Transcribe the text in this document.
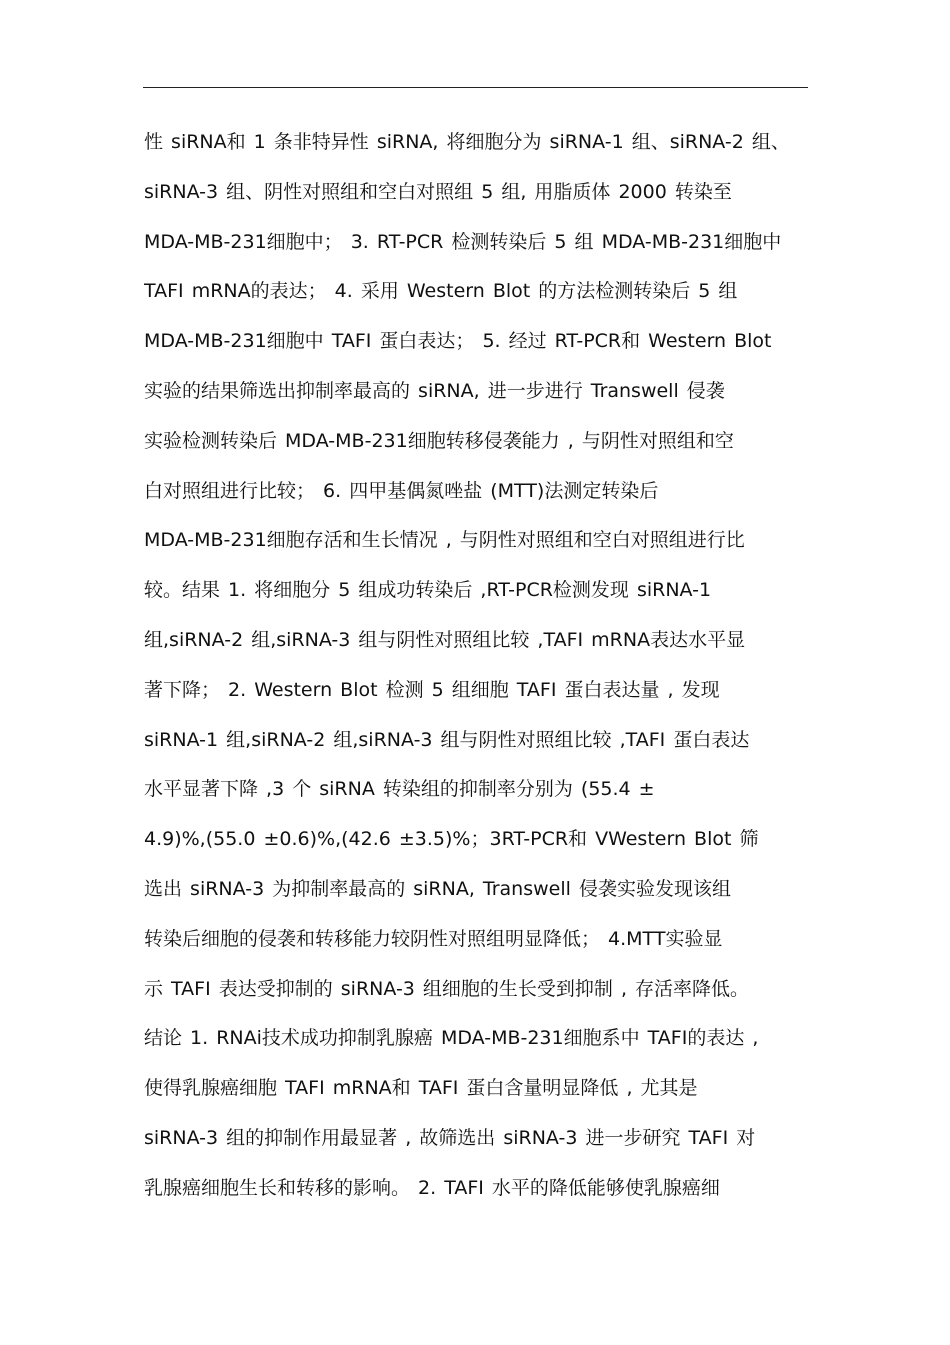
性 siRNA和 1 条非特异性 siRNA, 将细胞分为 siRNA-1 组、siRNA-2 组、
siRNA-3 组、阴性对照组和空白对照组 5 组, 用脂质体 2000 转染至
MDA-MB-231细胞中； 3. RT-PCR 检测转染后 5 组 MDA-MB-231细胞中
TAFI mRNA的表达； 4. 采用 Western Blot 的方法检测转染后 5 组
MDA-MB-231细胞中 TAFI 蛋白表达； 5. 经过 RT-PCR和 Western Blot
实验的结果筛选出抑制率最高的 siRNA, 进一步进行 Transwell 侵袭
实验检测转染后 MDA-MB-231细胞转移侵袭能力 , 与阴性对照组和空
白对照组进行比较； 6. 四甲基偶氮唑盐 (MTT)法测定转染后
MDA-MB-231细胞存活和生长情况 , 与阴性对照组和空白对照组进行比
较。结果 1. 将细胞分 5 组成功转染后 ,RT-PCR检测发现 siRNA-1
组,siRNA-2 组,siRNA-3 组与阴性对照组比较 ,TAFI mRNA表达水平显
著下降； 2. Western Blot 检测 5 组细胞 TAFI 蛋白表达量 , 发现
siRNA-1 组,siRNA-2 组,siRNA-3 组与阴性对照组比较 ,TAFI 蛋白表达
水平显著下降 ,3 个 siRNA 转染组的抑制率分别为 (55.4 ±
4.9)%,(55.0 ±0.6)%,(42.6 ±3.5)%；3RT-PCR和 VWestern Blot 筛
选出 siRNA-3 为抑制率最高的 siRNA, Transwell 侵袭实验发现该组
转染后细胞的侵袭和转移能力较阴性对照组明显降低； 4.MTT实验显
示 TAFI 表达受抑制的 siRNA-3 组细胞的生长受到抑制 , 存活率降低。
结论 1. RNAi技术成功抑制乳腺癌 MDA-MB-231细胞系中 TAFI的表达 ,
使得乳腺癌细胞 TAFI mRNA和 TAFI 蛋白含量明显降低 , 尤其是
siRNA-3 组的抑制作用最显著 , 故筛选出 siRNA-3 进一步研究 TAFI 对
乳腺癌细胞生长和转移的影响。 2. TAFI 水平的降低能够使乳腺癌细
